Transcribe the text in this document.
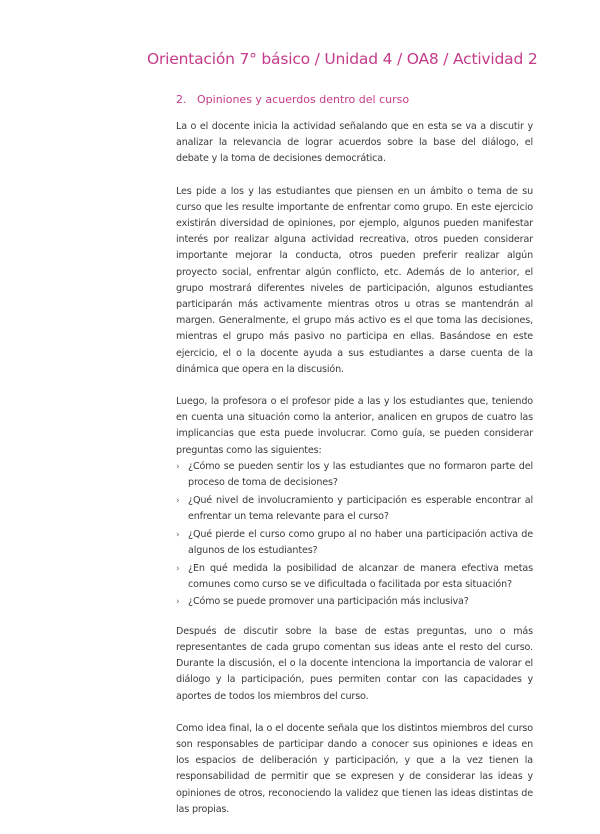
Orientación 7° básico / Unidad 4 / OA8 / Actividad 2
2. Opiniones y acuerdos dentro del curso

La o el docente inicia la actividad señalando que en esta se va a discutir y analizar la relevancia de lograr acuerdos sobre la base del diálogo, el debate y la toma de decisiones democrática.

Les pide a los y las estudiantes que piensen en un ámbito o tema de su curso que les resulte importante de enfrentar como grupo. En este ejercicio existirán diversidad de opiniones, por ejemplo, algunos pueden manifestar interés por realizar alguna actividad recreativa, otros pueden considerar importante mejorar la conducta, otros pueden preferir realizar algún proyecto social, enfrentar algún conflicto, etc. Además de lo anterior, el grupo mostrará diferentes niveles de participación, algunos estudiantes participarán más activamente mientras otros u otras se mantendrán al margen. Generalmente, el grupo más activo es el que toma las decisiones, mientras el grupo más pasivo no participa en ellas. Basándose en este ejercicio, el o la docente ayuda a sus estudiantes a darse cuenta de la dinámica que opera en la discusión.

Luego, la profesora o el profesor pide a las y los estudiantes que, teniendo en cuenta una situación como la anterior, analicen en grupos de cuatro las implicancias que esta puede involucrar. Como guía, se pueden considerar preguntas como las siguientes:

› ¿Cómo se pueden sentir los y las estudiantes que no formaron parte del proceso de toma de decisiones?
› ¿Qué nivel de involucramiento y participación es esperable encontrar al enfrentar un tema relevante para el curso?
› ¿Qué pierde el curso como grupo al no haber una participación activa de algunos de los estudiantes?
› ¿En qué medida la posibilidad de alcanzar de manera efectiva metas comunes como curso se ve dificultada o facilitada por esta situación?
› ¿Cómo se puede promover una participación más inclusiva?

Después de discutir sobre la base de estas preguntas, uno o más representantes de cada grupo comentan sus ideas ante el resto del curso. Durante la discusión, el o la docente intenciona la importancia de valorar el diálogo y la participación, pues permiten contar con las capacidades y aportes de todos los miembros del curso.

Como idea final, la o el docente señala que los distintos miembros del curso son responsables de participar dando a conocer sus opiniones e ideas en los espacios de deliberación y participación, y que a la vez tienen la responsabilidad de permitir que se expresen y de considerar las ideas y opiniones de otros, reconociendo la validez que tienen las ideas distintas de las propias.
